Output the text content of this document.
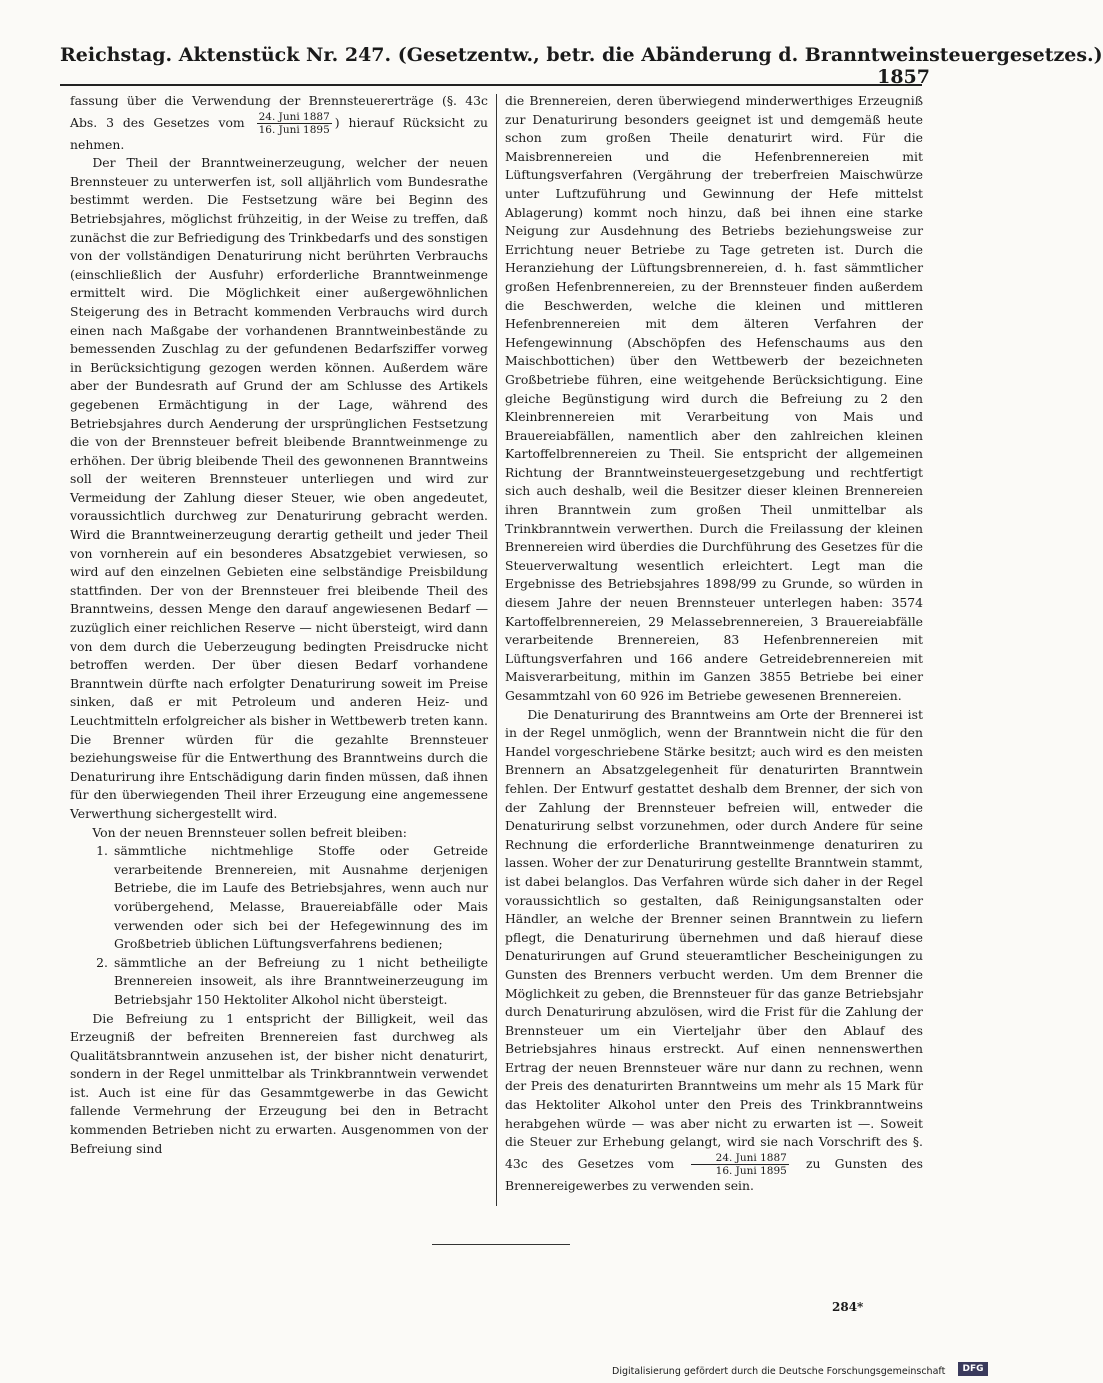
Reichstag. Aktenstück Nr. 247. (Gesetzentw., betr. die Abänderung d. Branntweinsteuergesetzes.)
1857

fassung über die Verwendung der Brennsteuererträge (§. 43c Abs. 3 des Gesetzes vom $\frac{\text{24. Juni 1887}}{\text{16. Juni 1895}}$ ) hierauf Rücksicht zu nehmen.

Der Theil der Branntweinerzeugung, welcher der neuen Brennsteuer zu unterwerfen ist, soll alljährlich vom Bundesrathe bestimmt werden. Die Festsetzung wäre bei Beginn des Betriebsjahres, möglichst frühzeitig, in der Weise zu treffen, daß zunächst die zur Befriedigung des Trinkbedarfs und des sonstigen von der vollständigen Denaturirung nicht berührten Verbrauchs (einschließlich der Ausfuhr) erforderliche Branntweinmenge ermittelt wird. Die Möglichkeit einer außergewöhnlichen Steigerung des in Betracht kommenden Verbrauchs wird durch einen nach Maßgabe der vorhandenen Branntweinbestände zu bemessenden Zuschlag zu der gefundenen Bedarfsziffer vorweg in Berücksichtigung gezogen werden können. Außerdem wäre aber der Bundesrath auf Grund der am Schlusse des Artikels gegebenen Ermächtigung in der Lage, während des Betriebsjahres durch Aenderung der ursprünglichen Festsetzung die von der Brennsteuer befreit bleibende Branntweinmenge zu erhöhen. Der übrig bleibende Theil des gewonnenen Branntweins soll der weiteren Brennsteuer unterliegen und wird zur Vermeidung der Zahlung dieser Steuer, wie oben angedeutet, voraussichtlich durchweg zur Denaturirung gebracht werden. Wird die Branntweinerzeugung derartig getheilt und jeder Theil von vornherein auf ein besonderes Absatzgebiet verwiesen, so wird auf den einzelnen Gebieten eine selbständige Preisbildung stattfinden. Der von der Brennsteuer frei bleibende Theil des Branntweins, dessen Menge den darauf angewiesenen Bedarf — zuzüglich einer reichlichen Reserve — nicht übersteigt, wird dann von dem durch die Ueberzeugung bedingten Preisdrucke nicht betroffen werden. Der über diesen Bedarf vorhandene Branntwein dürfte nach erfolgter Denaturirung soweit im Preise sinken, daß er mit Petroleum und anderen Heiz- und Leuchtmitteln erfolgreicher als bisher in Wettbewerb treten kann. Die Brenner würden für die gezahlte Brennsteuer beziehungsweise für die Entwerthung des Branntweins durch die Denaturirung ihre Entschädigung darin finden müssen, daß ihnen für den überwiegenden Theil ihrer Erzeugung eine angemessene Verwerthung sichergestellt wird.

Von der neuen Brennsteuer sollen befreit bleiben:

1. sämmtliche nichtmehlige Stoffe oder Getreide verarbeitende Brennereien, mit Ausnahme derjenigen Betriebe, die im Laufe des Betriebsjahres, wenn auch nur vorübergehend, Melasse, Brauereiabfälle oder Mais verwenden oder sich bei der Hefegewinnung des im Großbetrieb üblichen Lüftungsverfahrens bedienen;
2. sämmtliche an der Befreiung zu 1 nicht betheiligte Brennereien insoweit, als ihre Branntweinerzeugung im Betriebsjahr 150 Hektoliter Alkohol nicht übersteigt.

Die Befreiung zu 1 entspricht der Billigkeit, weil das Erzeugniß der befreiten Brennereien fast durchweg als Qualitätsbranntwein anzusehen ist, der bisher nicht denaturirt, sondern in der Regel unmittelbar als Trinkbranntwein verwendet ist. Auch ist eine für das Gesammtgewerbe in das Gewicht fallende Vermehrung der Erzeugung bei den in Betracht kommenden Betrieben nicht zu erwarten. Ausgenommen von der Befreiung sind

die Brennereien, deren überwiegend minderwerthiges Erzeugniß zur Denaturirung besonders geeignet ist und demgemäß heute schon zum großen Theile denaturirt wird. Für die Maisbrennereien und die Hefenbrennereien mit Lüftungsverfahren (Vergährung der treberfreien Maischwürze unter Luftzuführung und Gewinnung der Hefe mittelst Ablagerung) kommt noch hinzu, daß bei ihnen eine starke Neigung zur Ausdehnung des Betriebs beziehungsweise zur Errichtung neuer Betriebe zu Tage getreten ist. Durch die Heranziehung der Lüftungsbrennereien, d. h. fast sämmtlicher großen Hefenbrennereien, zu der Brennsteuer finden außerdem die Beschwerden, welche die kleinen und mittleren Hefenbrennereien mit dem älteren Verfahren der Hefengewinnung (Abschöpfen des Hefenschaums aus den Maischbottichen) über den Wettbewerb der bezeichneten Großbetriebe führen, eine weitgehende Berücksichtigung. Eine gleiche Begünstigung wird durch die Befreiung zu 2 den Kleinbrennereien mit Verarbeitung von Mais und Brauereiabfällen, namentlich aber den zahlreichen kleinen Kartoffelbrennereien zu Theil. Sie entspricht der allgemeinen Richtung der Branntweinsteuergesetzgebung und rechtfertigt sich auch deshalb, weil die Besitzer dieser kleinen Brennereien ihren Branntwein zum großen Theil unmittelbar als Trinkbranntwein verwerthen. Durch die Freilassung der kleinen Brennereien wird überdies die Durchführung des Gesetzes für die Steuerverwaltung wesentlich erleichtert. Legt man die Ergebnisse des Betriebsjahres 1898/99 zu Grunde, so würden in diesem Jahre der neuen Brennsteuer unterlegen haben: 3574 Kartoffelbrennereien, 29 Melassebrennereien, 3 Brauereiabfälle verarbeitende Brennereien, 83 Hefenbrennereien mit Lüftungsverfahren und 166 andere Getreidebrennereien mit Maisverarbeitung, mithin im Ganzen 3855 Betriebe bei einer Gesammtzahl von 60 926 im Betriebe gewesenen Brennereien.

Die Denaturirung des Branntweins am Orte der Brennerei ist in der Regel unmöglich, wenn der Branntwein nicht die für den Handel vorgeschriebene Stärke besitzt; auch wird es den meisten Brennern an Absatzgelegenheit für denaturirten Branntwein fehlen. Der Entwurf gestattet deshalb dem Brenner, der sich von der Zahlung der Brennsteuer befreien will, entweder die Denaturirung selbst vorzunehmen, oder durch Andere für seine Rechnung die erforderliche Branntweinmenge denaturiren zu lassen. Woher der zur Denaturirung gestellte Branntwein stammt, ist dabei belanglos. Das Verfahren würde sich daher in der Regel voraussichtlich so gestalten, daß Reinigungsanstalten oder Händler, an welche der Brenner seinen Branntwein zu liefern pflegt, die Denaturirung übernehmen und daß hierauf diese Denaturirungen auf Grund steueramtlicher Bescheinigungen zu Gunsten des Brenners verbucht werden. Um dem Brenner die Möglichkeit zu geben, die Brennsteuer für das ganze Betriebsjahr durch Denaturirung abzulösen, wird die Frist für die Zahlung der Brennsteuer um ein Vierteljahr über den Ablauf des Betriebsjahres hinaus erstreckt. Auf einen nennenswerthen Ertrag der neuen Brennsteuer wäre nur dann zu rechnen, wenn der Preis des denaturirten Branntweins um mehr als 15 Mark für das Hektoliter Alkohol unter den Preis des Trinkbranntweins herabgehen würde — was aber nicht zu erwarten ist —. Soweit die Steuer zur Erhebung gelangt, wird sie nach Vorschrift des §. 43c des Gesetzes vom $\frac{\text{24. Juni 1887}}{\text{16. Juni 1895}}$ zu Gunsten des Brennereigewerbes zu verwenden sein.

284*
Digitalisierung gefördert durch die Deutsche Forschungsgemeinschaft	DFG
